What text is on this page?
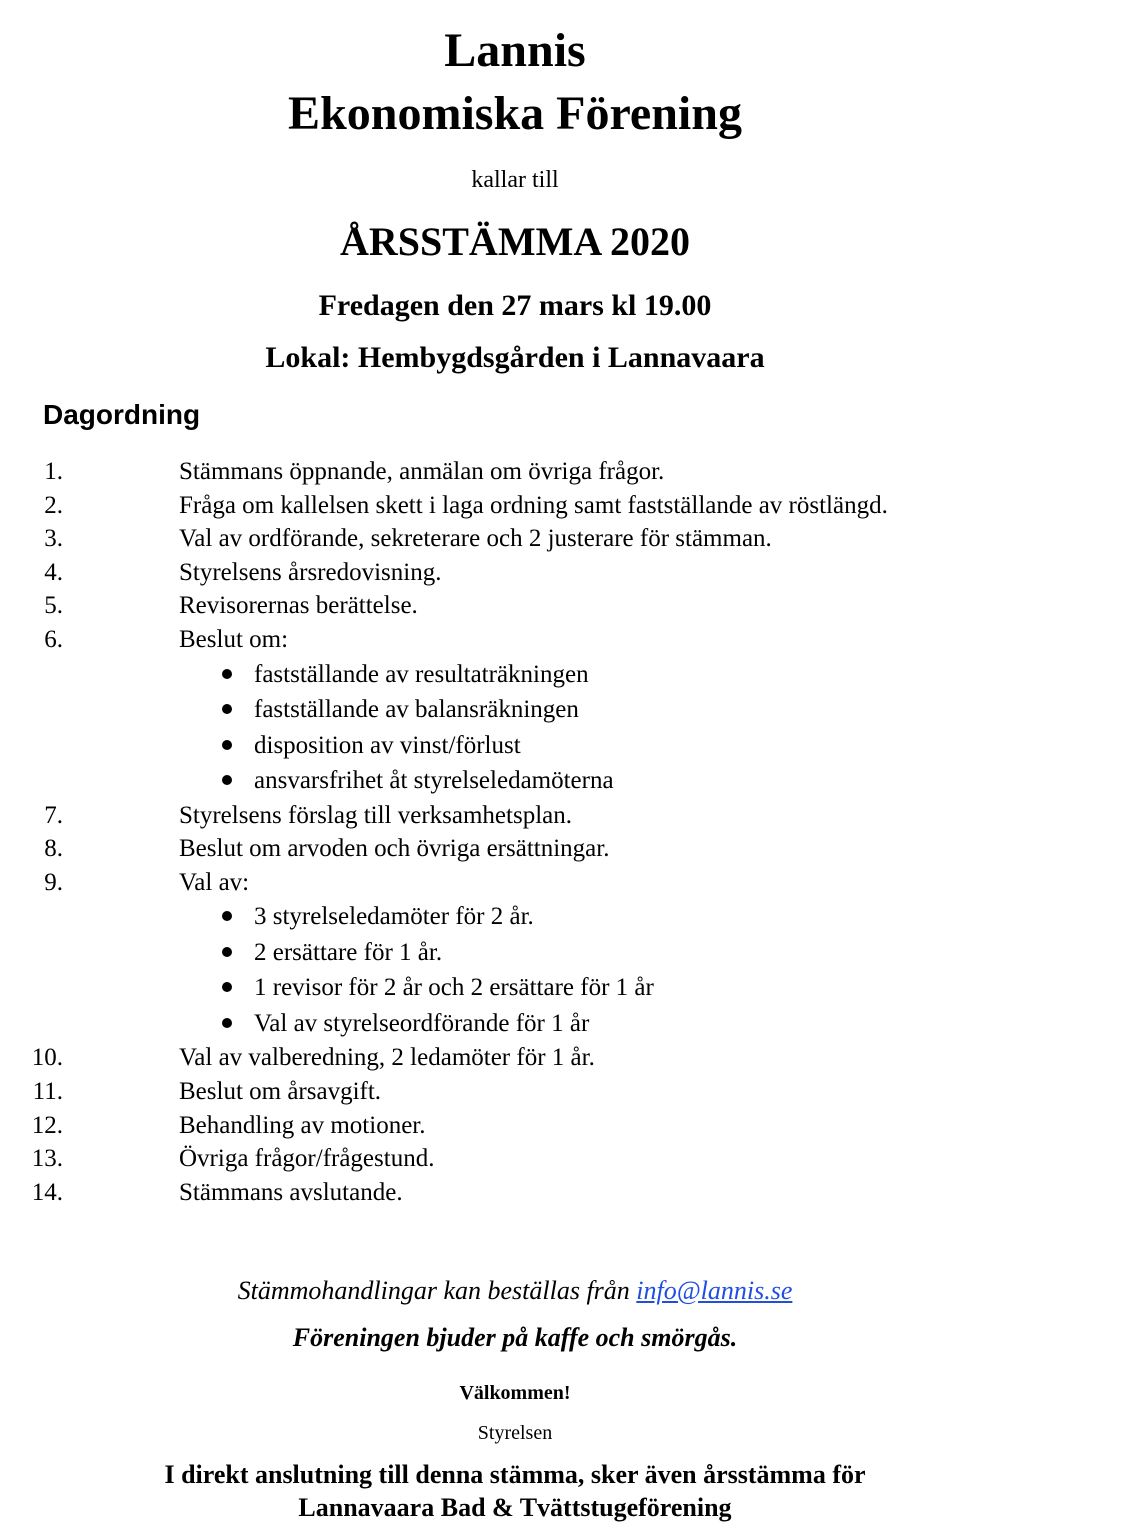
Lannis
Ekonomiska Förening
kallar till
ÅRSSTÄMMA 2020
Fredagen den 27 mars kl 19.00
Lokal: Hembygdsgården i Lannavaara
Dagordning
1.	Stämmans öppnande, anmälan om övriga frågor.
2.	Fråga om kallelsen skett i laga ordning samt fastställande av röstlängd.
3.	Val av ordförande, sekreterare och 2 justerare för stämman.
4.	Styrelsens årsredovisning.
5.	Revisorernas berättelse.
6.	Beslut om:
fastställande av resultaträkningen
fastställande av balansräkningen
disposition av vinst/förlust
ansvarsfrihet åt styrelseledamöterna
7.	Styrelsens förslag till verksamhetsplan.
8.	Beslut om arvoden och övriga ersättningar.
9.	Val av:
3 styrelseledamöter för 2 år.
2 ersättare för 1 år.
1 revisor för 2 år och 2 ersättare för 1 år
Val av styrelseordförande för 1 år
10.	Val av valberedning, 2 ledamöter för 1 år.
11.	Beslut om årsavgift.
12.	Behandling av motioner.
13.	Övriga frågor/frågestund.
14.	Stämmans avslutande.
Stämmohandlingar kan beställas från info@lannis.se
Föreningen bjuder på kaffe och smörgås.
Välkommen!
Styrelsen
I direkt anslutning till denna stämma, sker även årsstämma för
Lannavaara Bad & Tvättstugeförening
